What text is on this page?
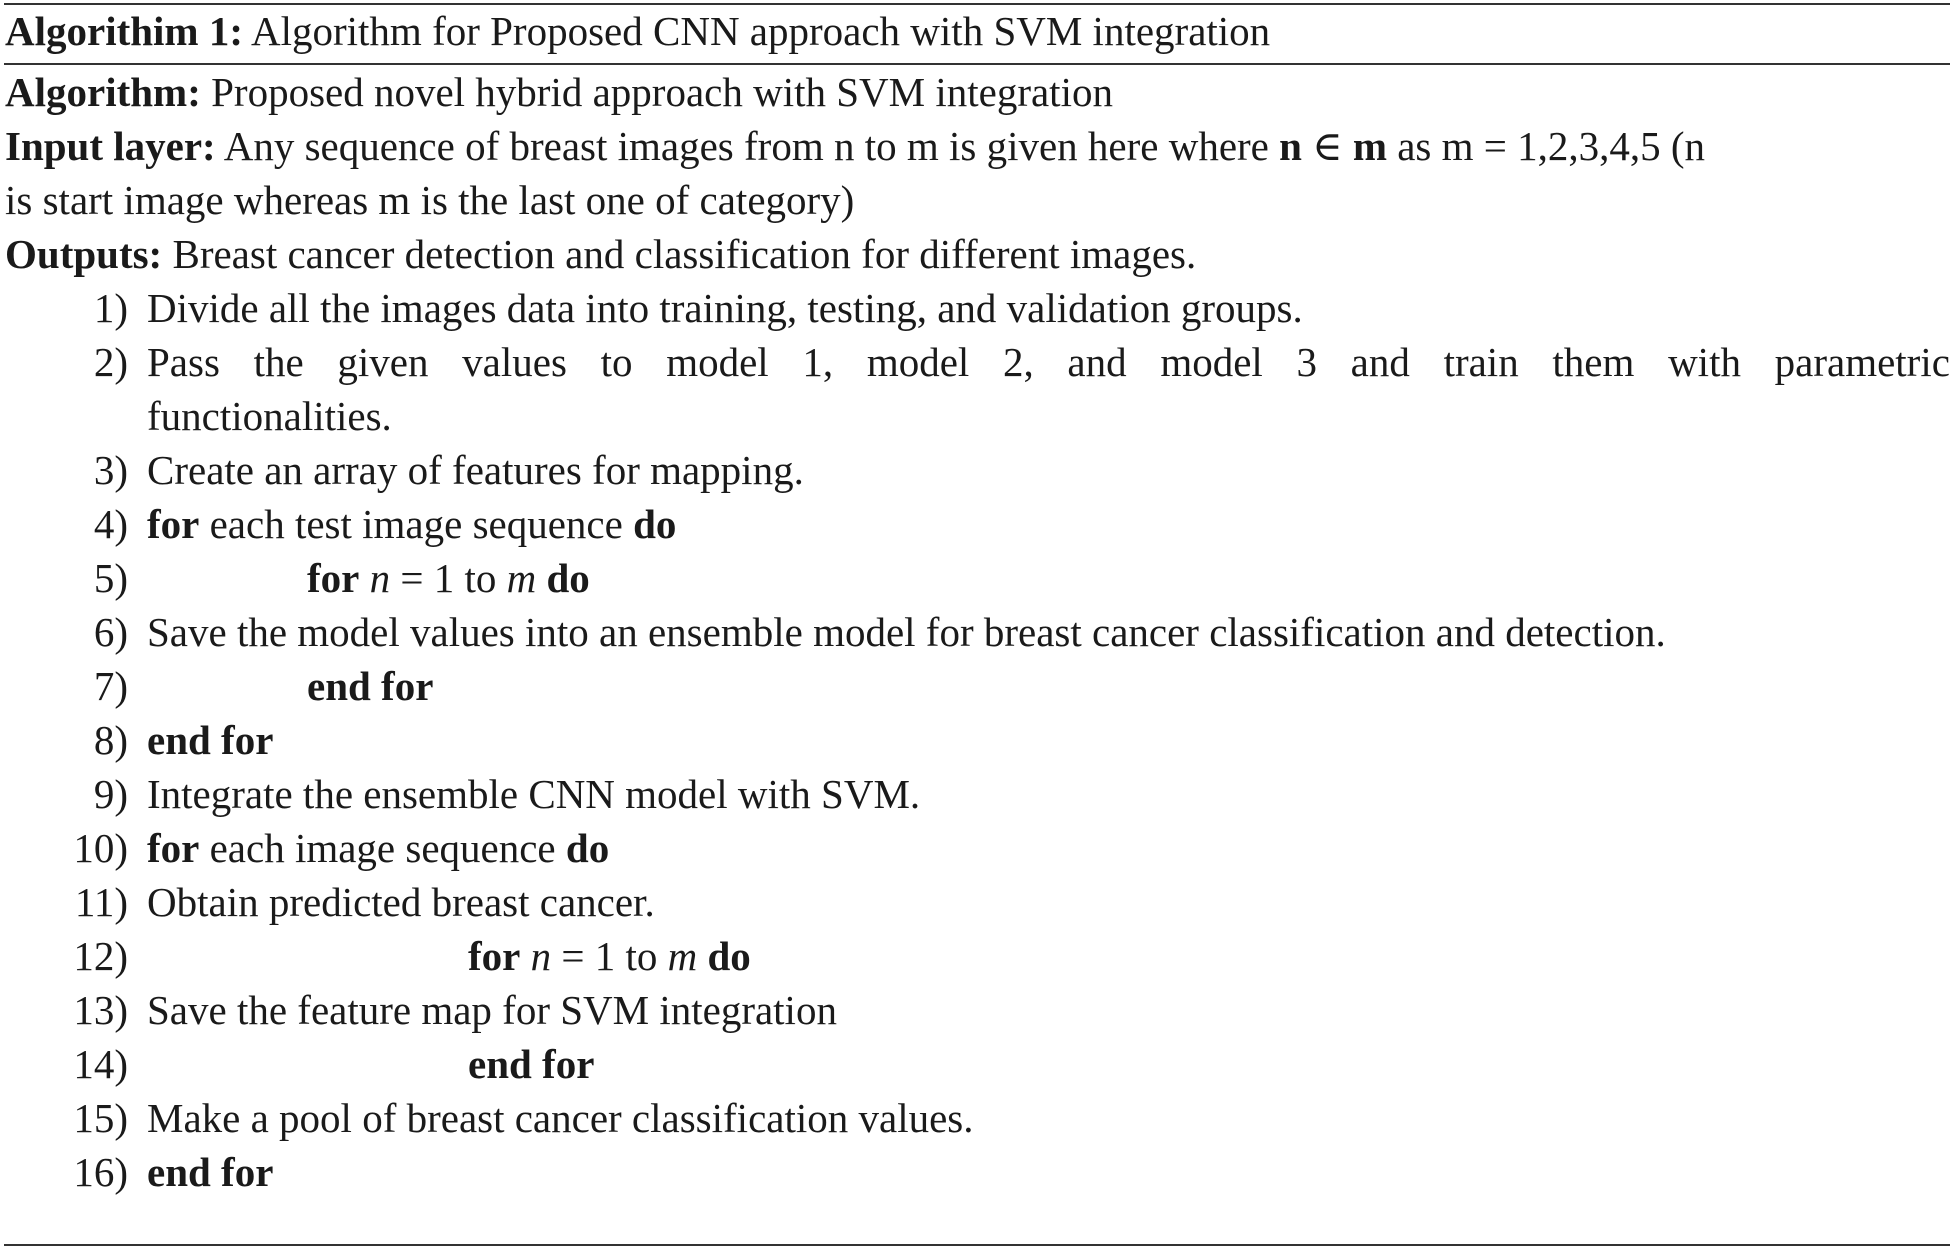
Algorithim 1: Algorithm for Proposed CNN approach with SVM integration
Algorithm: Proposed novel hybrid approach with SVM integration
Input layer: Any sequence of breast images from n to m is given here where n ∈ m as m = 1,2,3,4,5 (n
is start image whereas m is the last one of category)
Outputs: Breast cancer detection and classification for different images.
1) Divide all the images data into training, testing, and validation groups.
2) Pass the given values to model 1, model 2, and model 3 and train them with parametric
functionalities.
3) Create an array of features for mapping.
4) for each test image sequence do
5)	for n = 1 to m do
6) Save the model values into an ensemble model for breast cancer classification and detection.
7)	end for
8) end for
9) Integrate the ensemble CNN model with SVM.
10) for each image sequence do
11) Obtain predicted breast cancer.
12)	for n = 1 to m do
13) Save the feature map for SVM integration
14)	end for
15) Make a pool of breast cancer classification values.
16) end for
